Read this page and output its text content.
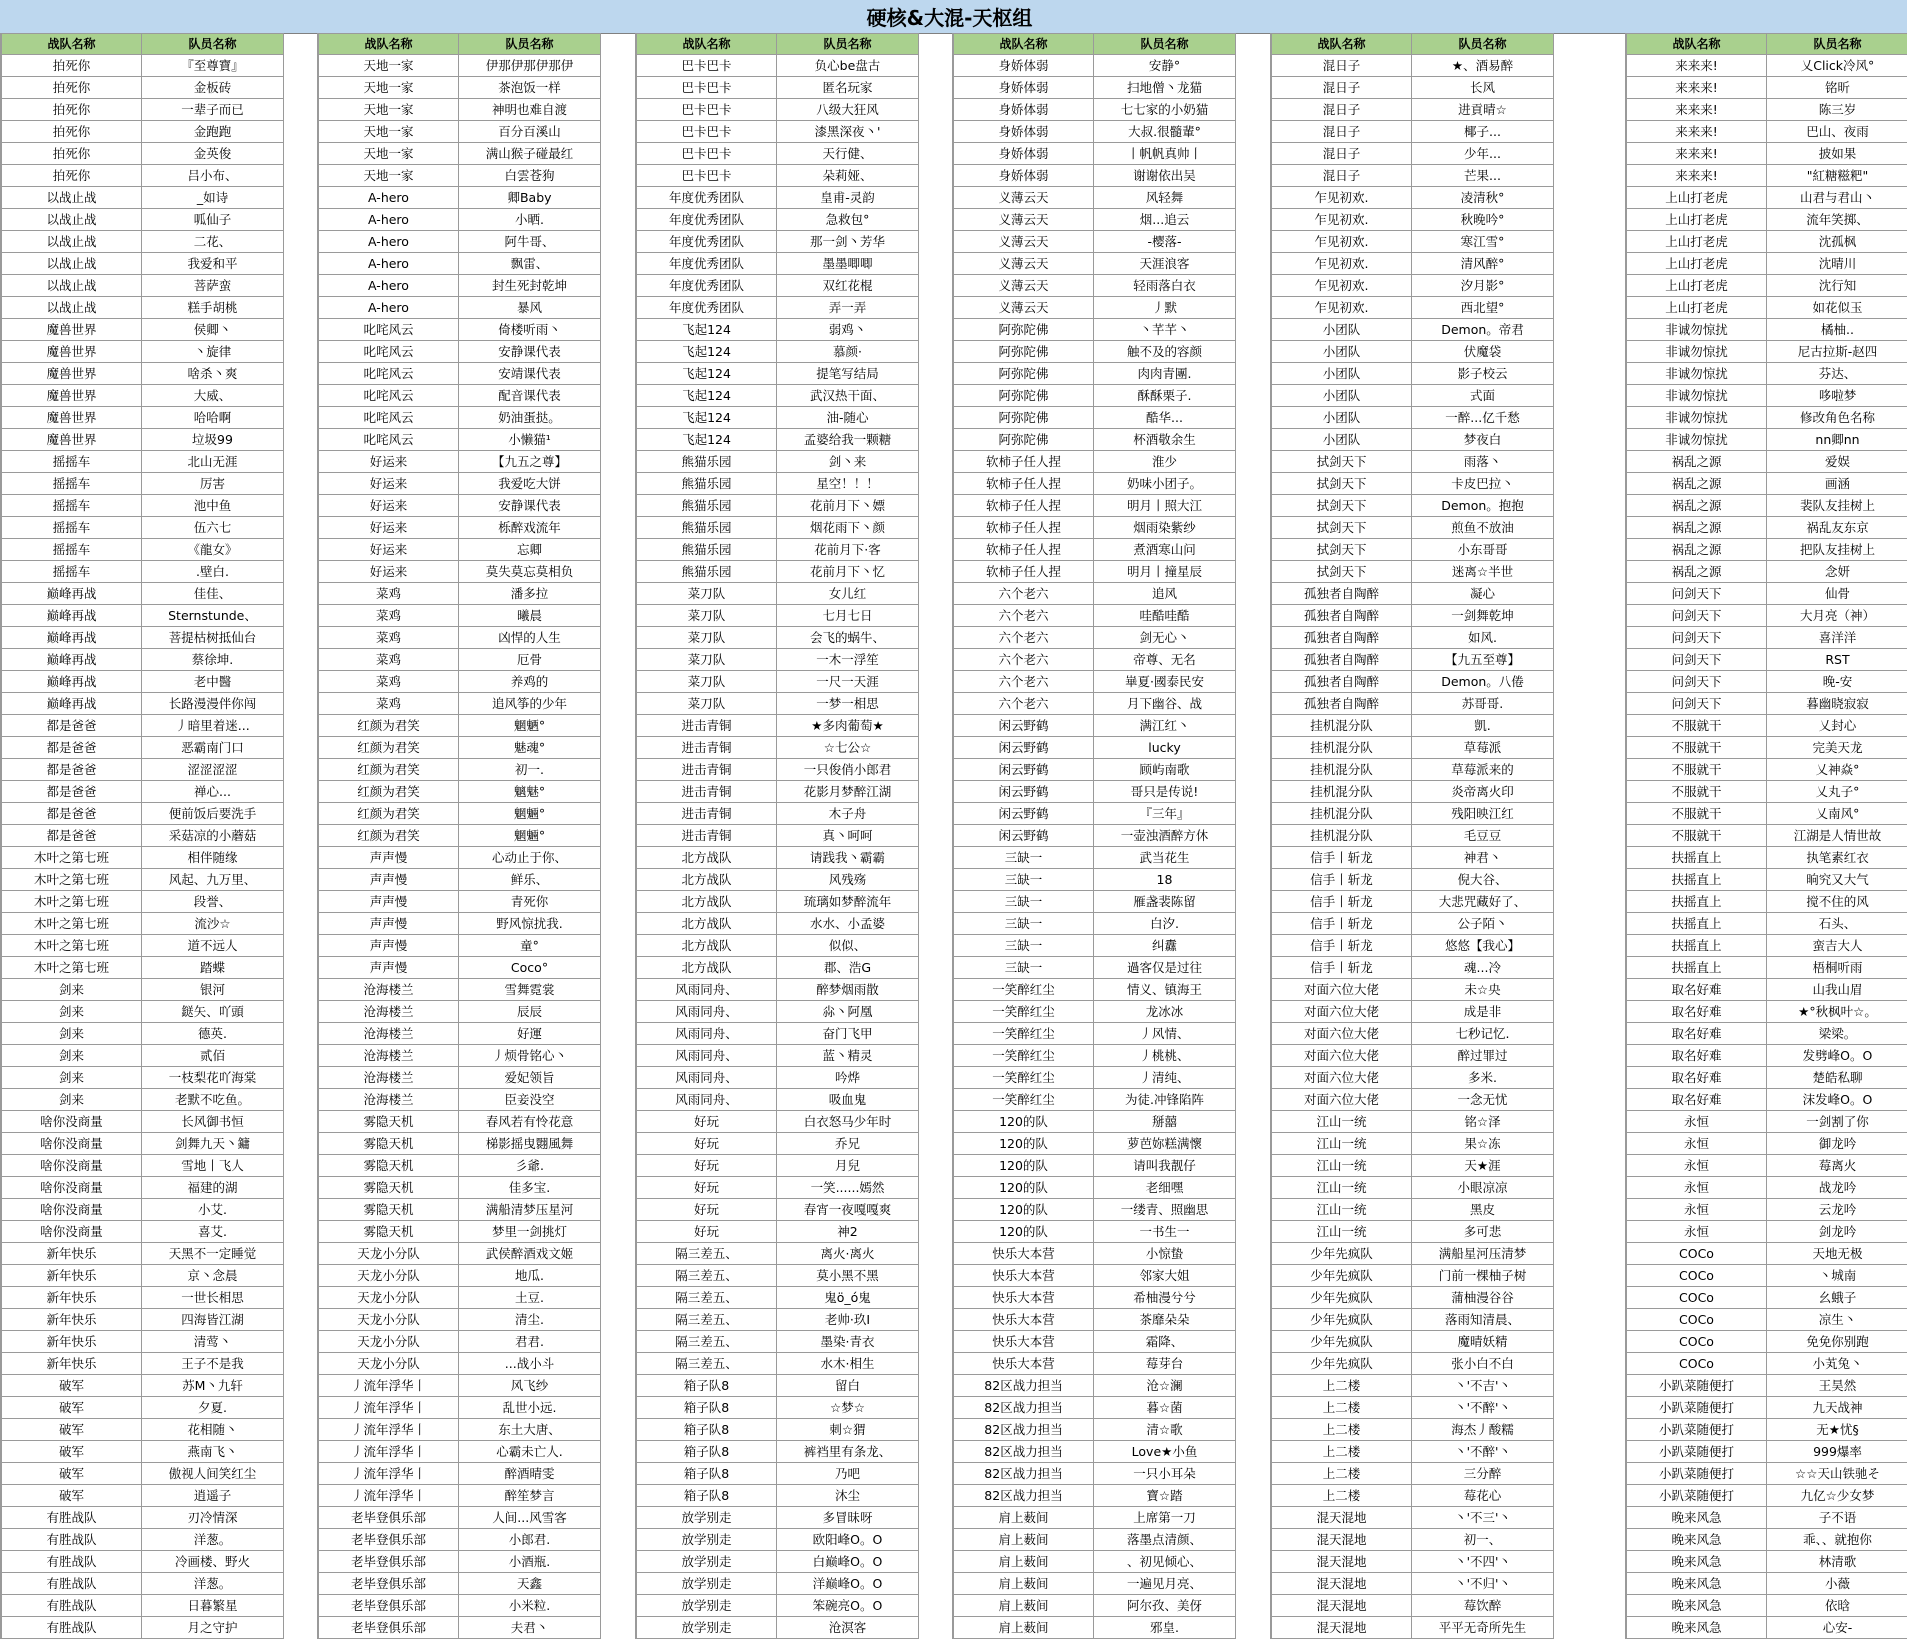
硬核&大混-天枢组
战队名称	队员名称
拍死你	『至尊寶』
拍死你	金板砖
拍死你	一辈子而已
拍死你	金跑跑
拍死你	金英俊
拍死你	吕小布、
以战止战	_如诗
以战止战	呱仙子
以战止战	二花、
以战止战	我爱和平
以战止战	菩萨蛮
以战止战	糕手胡桃
魔兽世界	侯卿丶
魔兽世界	丶旋律
魔兽世界	啥杀丶爽
魔兽世界	大威、
魔兽世界	哈哈啊
魔兽世界	垃圾99
摇摇车	北山无涯
摇摇车	厉害
摇摇车	池中鱼
摇摇车	伍六七
摇摇车	《龍女》
摇摇车	.壁白.
巅峰再战	佳佳、
巅峰再战	Sternstunde、
巅峰再战	菩提枯树抵仙台
巅峰再战	蔡徐坤.
巅峰再战	老中醫
巅峰再战	长路漫漫伴你闯
都是爸爸	丿暗里着迷...
都是爸爸	恶霸南门口
都是爸爸	涩涩涩涩
都是爸爸	禅心...
都是爸爸	便前饭后要洗手
都是爸爸	采菇凉的小蘑菇
木叶之第七班	相伴随缘
木叶之第七班	风起、九万里、
木叶之第七班	段誉、
木叶之第七班	流沙☆
木叶之第七班	道不远人
木叶之第七班	踏蝶
剑来	银河
剑来	鎹矢、吖頭
剑来	德英.
剑来	贰佰
剑来	一枝梨花吖海棠
剑来	老默不吃鱼。
啥你没商量	长风御书恒
啥你没商量	剑舞九天丶鏞
啥你没商量	雪地丨飞人
啥你没商量	福建的湖
啥你没商量	小艾.
啥你没商量	喜艾.
新年快乐	天黑不一定睡觉
新年快乐	京丶念晨
新年快乐	一世长相思
新年快乐	四海皆江湖
新年快乐	清莺丶
新年快乐	王子不是我
破军	苏M丶九轩
破军	夕夏.
破军	花相随丶
破军	燕南飞丶
破军	傲视人间笑红尘
破军	逍遥子
有胜战队	刃冷情深
有胜战队	洋葱。
有胜战队	冷画楼、野火
有胜战队	洋葱。
有胜战队	日暮繁星
有胜战队	月之守护
战队名称	队员名称
天地一家	伊那伊那伊那伊
天地一家	茶泡饭一样
天地一家	神明也难自渡
天地一家	百分百溪山
天地一家	满山猴子碰最红
天地一家	白雲苍狗
A-hero	卿Baby
A-hero	小晒.
A-hero	阿牛哥、
A-hero	飘雷、
A-hero	封生死封乾坤
A-hero	暴风
叱咤风云	倚楼听雨丶
叱咤风云	安静课代表
叱咤风云	安靖课代表
叱咤风云	配音课代表
叱咤风云	奶油蛋挞。
叱咤风云	小懒猫¹
好运来	【九五之尊】
好运来	我爱吃大饼
好运来	安静课代表
好运来	栎醉戏流年
好运来	忘卿
好运来	莫失莫忘莫相负
菜鸡	潘多拉
菜鸡	曦晨
菜鸡	凶悍的人生
菜鸡	厄骨
菜鸡	养鸡的
菜鸡	追风筝的少年
红颜为君笑	魍魉°
红颜为君笑	魅魂°
红颜为君笑	初一.
红颜为君笑	魑魅°
红颜为君笑	魍魎°
红颜为君笑	魍魎°
声声慢	心动止于你、
声声慢	鲜乐、
声声慢	青死你
声声慢	野风惊扰我.
声声慢	童°
声声慢	Coco°
沧海楼兰	雪舞霓裳
沧海楼兰	辰辰
沧海楼兰	好運
沧海楼兰	丿烦骨铭心丶
沧海楼兰	爱妃领旨
沧海楼兰	臣妾没空
雾隐天机	春风若有怜花意
雾隐天机	梯影摇曳翾風舞
雾隐天机	彡爺.
雾隐天机	佳多宝.
雾隐天机	满船清梦压星河
雾隐天机	梦里一剑挑灯
天龙小分队	武侯醉酒戏文姬
天龙小分队	地瓜.
天龙小分队	土豆.
天龙小分队	清尘.
天龙小分队	君君.
天龙小分队	...战小斗
丿流年浮华丨	风飞纱
丿流年浮华丨	乱世小远.
丿流年浮华丨	东土大唐、
丿流年浮华丨	心霸未亡人.
丿流年浮华丨	醉酒晴雯
丿流年浮华丨	醉笙梦言
老毕登俱乐部	人间...风雪客
老毕登俱乐部	小郎君.
老毕登俱乐部	小酒瓶.
老毕登俱乐部	天鑫
老毕登俱乐部	小米粒.
老毕登俱乐部	夫君丶
战队名称	队员名称
巴卡巴卡	负心be盘古
巴卡巴卡	匿名玩家
巴卡巴卡	八级大狂风
巴卡巴卡	漆黑深夜丶'
巴卡巴卡	天行健、
巴卡巴卡	朵莉娅、
年度优秀团队	皇甫-灵韵
年度优秀团队	急救包°
年度优秀团队	那一剑丶芳华
年度优秀团队	墨墨唧唧
年度优秀团队	双红花棍
年度优秀团队	弄一弄
飞起124	弱鸡丶
飞起124	慕颜·
飞起124	提笔写结局
飞起124	武汉热干面、
飞起124	油-随心
飞起124	孟婆给我一颗糖
熊猫乐园	剑丶来
熊猫乐园	星空！！！
熊猫乐园	花前月下丶嫖
熊猫乐园	烟花雨下丶颜
熊猫乐园	花前月下·客
熊猫乐园	花前月下丶忆
菜刀队	女儿红
菜刀队	七月七日
菜刀队	会飞的蜗牛、
菜刀队	一木一浮笙
菜刀队	一尺一天涯
菜刀队	一梦一相思
进击青铜	★多肉葡萄★
进击青铜	☆七公☆
进击青铜	一只俊俏小郎君
进击青铜	花影月梦醉江湖
进击青铜	木子舟
进击青铜	真丶呵呵
北方战队	请践我丶霸霸
北方战队	风残殇
北方战队	琉璃如梦醉流年
北方战队	水水、小孟婆
北方战队	似似、
北方战队	郡、浩G
风雨同舟、	醉梦烟雨散
风雨同舟、	尛丶阿凰
风雨同舟、	奋门飞甲
风雨同舟、	蓝丶精灵
风雨同舟、	吟烨
风雨同舟、	吸血鬼
好玩	白衣怒马少年时
好玩	乔兄
好玩	月兒
好玩	一笑......嫣然
好玩	春宵一夜嘎嘎爽
好玩	神2
隔三差五、	离火·离火
隔三差五、	莫小黑不黑
隔三差五、	鬼ö_ó鬼
隔三差五、	老帅·玖I
隔三差五、	墨染·青衣
隔三差五、	水木·相生
箱子队8	留白
箱子队8	☆梦☆
箱子队8	刺☆猬
箱子队8	裤裆里有条龙、
箱子队8	乃吧
箱子队8	沐尘
放学别走	多冒昧呀
放学别走	欧阳峰O。O
放学别走	白巅峰O。O
放学别走	洋巅峰O。O
放学别走	笨碗亮O。O
放学别走	沧溟客
战队名称	队员名称
身娇体弱	安静°
身娇体弱	扫地僧丶龙猫
身娇体弱	七七家的小奶猫
身娇体弱	大叔.很髓輩°
身娇体弱	丨帆帆真帅丨
身娇体弱	谢谢依出吴
义薄云天	风轻舞
义薄云天	烟...追云
义薄云天	-樱落-
义薄云天	天涯浪客
义薄云天	轻雨落白衣
义薄云天	丿默
阿弥陀佛	丶芊芊丶
阿弥陀佛	触不及的容颜
阿弥陀佛	肉肉青團.
阿弥陀佛	酥酥栗子.
阿弥陀佛	酷华...
阿弥陀佛	杯酒敬余生
软柿子任人捏	淮少
软柿子任人捏	奶味小团子。
软柿子任人捏	明月丨照大江
软柿子任人捏	烟雨染紫纱
软柿子任人捏	煮酒寒山问
软柿子任人捏	明月丨撞星辰
六个老六	追风
六个老六	哇酷哇酷
六个老六	剑无心丶
六个老六	帝尊、无名
六个老六	崋夏·國泰民安
六个老六	月下幽谷、战
闲云野鹤	满江红丶
闲云野鹤	lucky
闲云野鹤	顾屿南歌
闲云野鹤	哥只是传说!
闲云野鹤	『三年』
闲云野鹤	一壶浊酒醉方休
三缺一	武当花生
三缺一	18
三缺一	雁盏裴陈留
三缺一	白汐.
三缺一	纠纛
三缺一	過客仅是过往
一笑醉红尘	情义、镇海王
一笑醉红尘	龙冰冰
一笑醉红尘	丿风情、
一笑醉红尘	丿桃桃、
一笑醉红尘	丿清纯、
一笑醉红尘	为徒.冲锋陷阵
120的队	掰囍
120的队	萝芭妳糕满懷
120的队	请叫我靓仔
120的队	老细嘿
120的队	一缕青、照幽思
120的队	一书生一
快乐大本营	小惊蛰
快乐大本营	邻家大姐
快乐大本营	希柚漫兮兮
快乐大本营	茶靡朵朵
快乐大本营	霜降、
快乐大本营	莓芽台
82区战力担当	沧☆澜
82区战力担当	暮☆菌
82区战力担当	清☆歌
82区战力担当	Love★小鱼
82区战力担当	一只小耳朵
82区战力担当	寶☆踏
肩上薮间	上席第一刀
肩上薮间	落墨点清颜、
肩上薮间	、初见倾心、
肩上薮间	一遍见月亮、
肩上薮间	阿尔孜、美伢
肩上薮间	邪皇.
战队名称	队员名称
混日子	★、酒易醉
混日子	长风
混日子	进貢晴☆
混日子	椰子...
混日子	少年...
混日子	芒果...
乍见初欢.	凌清秋°
乍见初欢.	秋晚吟°
乍见初欢.	寒江雪°
乍见初欢.	清风醉°
乍见初欢.	汐月影°
乍见初欢.	西北望°
小团队	Demon。帝君
小团队	伏魔袋
小团队	影子校云
小团队	式面
小团队	一醉...亿千愁
小团队	梦夜白
拭剑天下	雨落丶
拭剑天下	卡皮巴拉丶
拭剑天下	Demon。抱抱
拭剑天下	煎鱼不放油
拭剑天下	小东哥哥
拭剑天下	迷离☆半世
孤独者自陶醉	凝心
孤独者自陶醉	一剑舞乾坤
孤独者自陶醉	如风.
孤独者自陶醉	【九五至尊】
孤独者自陶醉	Demon。八倦
孤独者自陶醉	苏哥哥.
挂机混分队	凱.
挂机混分队	草莓派
挂机混分队	草莓派来的
挂机混分队	炎帝离火印
挂机混分队	残阳映江红
挂机混分队	毛豆豆
信手丨斩龙	神君丶
信手丨斩龙	倪大谷、
信手丨斩龙	大悲咒藏好了、
信手丨斩龙	公子陌丶
信手丨斩龙	悠悠【我心】
信手丨斩龙	魂...冷
对面六位大佬	未☆央
对面六位大佬	成是非
对面六位大佬	七秒记忆.
对面六位大佬	醉过罪过
对面六位大佬	多米.
对面六位大佬	一念无忧
江山一统	铭☆泽
江山一统	果☆冻
江山一统	天★涯
江山一统	小眼凉凉
江山一统	黑皮
江山一统	多可悲
少年先疯队	满船星河压清梦
少年先疯队	门前一棵柚子树
少年先疯队	蒲柚漫谷谷
少年先疯队	落雨知清晨、
少年先疯队	魔晴妖精
少年先疯队	张小白不白
上二楼	丶'不吉'丶
上二楼	丶'不醉'丶
上二楼	海杰丿酸糯
上二楼	丶'不醉'丶
上二楼	三分醉
上二楼	莓花心
混天混地	丶'不三'丶
混天混地	初一、
混天混地	丶'不四'丶
混天混地	丶'不归'丶
混天混地	莓饮醉
混天混地	平平无奇所先生
战队名称	队员名称
来来来!	乂Click冷风°
来来来!	铭昕
来来来!	陈三岁
来来来!	巴山、夜雨
来来来!	披如果
来来来!	"紅糖糍粑"
上山打老虎	山君与君山丶
上山打老虎	流年笑掷、
上山打老虎	沈孤枫
上山打老虎	沈晴川
上山打老虎	沈行知
上山打老虎	如花似玉
非诚勿惊扰	橘柚..
非诚勿惊扰	尼古拉斯-赵四
非诚勿惊扰	芬达、
非诚勿惊扰	哆啦梦
非诚勿惊扰	修改角色名称
非诚勿惊扰	nn卿nn
祸乱之源	爱娱
祸乱之源	画涵
祸乱之源	裴队友挂树上
祸乱之源	祸乱友东京
祸乱之源	把队友挂树上
祸乱之源	念妍
问剑天下	仙骨
问剑天下	大月亮（神）
问剑天下	喜洋洋
问剑天下	RST
问剑天下	晚-安
问剑天下	暮幽晓寂寂
不服就干	乂封心
不服就干	完美天龙
不服就干	乂神焱°
不服就干	乂丸子°
不服就干	乂南风°
不服就干	江湖是人情世故
扶摇直上	执笔素红衣
扶摇直上	晌究又大气
扶摇直上	搅不住的风
扶摇直上	石头、
扶摇直上	蛮吉大人
扶摇直上	梧桐听雨
取名好难	山我山眉
取名好难	★°秋枫叶☆。
取名好难	梁梁。
取名好难	发劈峰O。O
取名好难	楚皓私聊
取名好难	沫发峰O。O
永恒	一剑割了你
永恒	御龙吟
永恒	莓离火
永恒	战龙吟
永恒	云龙吟
永恒	剑龙吟
COCo	天地无极
COCo	丶城南
COCo	幺蛾子
COCo	凉生丶
COCo	免免你别跑
COCo	小芄兔丶
小趴菜随便打	王昊然
小趴菜随便打	九天战神
小趴菜随便打	无★忧§
小趴菜随便打	999爆率
小趴菜随便打	☆☆天山铁驰そ
小趴菜随便打	九亿☆少女梦
晚来风急	子不语
晚来风急	乖、、就抱你
晚来风急	林清歌
晚来风急	小薇
晚来风急	依晗
晚来风急	心安-
